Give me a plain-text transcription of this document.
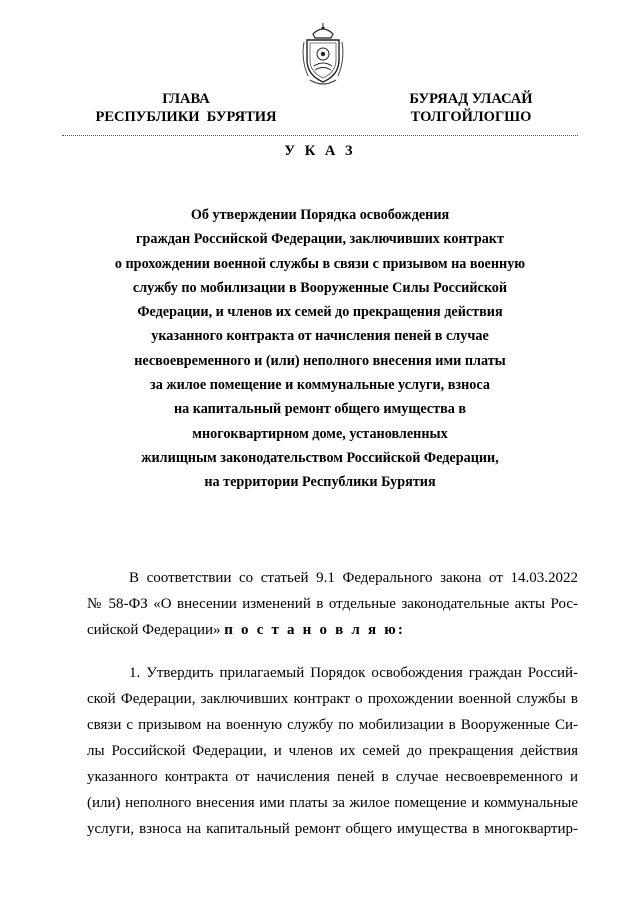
ГЛАВА
РЕСПУБЛИКИ  БУРЯТИЯ
БУРЯАД УЛАСАЙ
ТОЛГОЙЛОГШО
У К А З
Об утверждении Порядка освобождения
граждан Российской Федерации, заключивших контракт
о прохождении военной службы в связи с призывом на военную
службу по мобилизации в Вооруженные Силы Российской
Федерации, и членов их семей до прекращения действия
указанного контракта от начисления пеней в случае
несвоевременного и (или) неполного внесения ими платы
за жилое помещение и коммунальные услуги, взноса
на капитальный ремонт общего имущества в
многоквартирном доме, установленных
жилищным законодательством Российской Федерации,
на территории Республики Бурятия
В соответствии со статьей 9.1 Федерального закона от 14.03.2022
№ 58-ФЗ «О внесении изменений в отдельные законодательные акты Рос-
сийской Федерации» п о с т а н о в л я ю:
1. Утвердить прилагаемый Порядок освобождения граждан Россий-
ской Федерации, заключивших контракт о прохождении военной службы в
связи с призывом на военную службу по мобилизации в Вооруженные Си-
лы Российской Федерации, и членов их семей до прекращения действия
указанного контракта от начисления пеней в случае несвоевременного и
(или) неполного внесения ими платы за жилое помещение и коммунальные
услуги, взноса на капитальный ремонт общего имущества в многоквартир-
